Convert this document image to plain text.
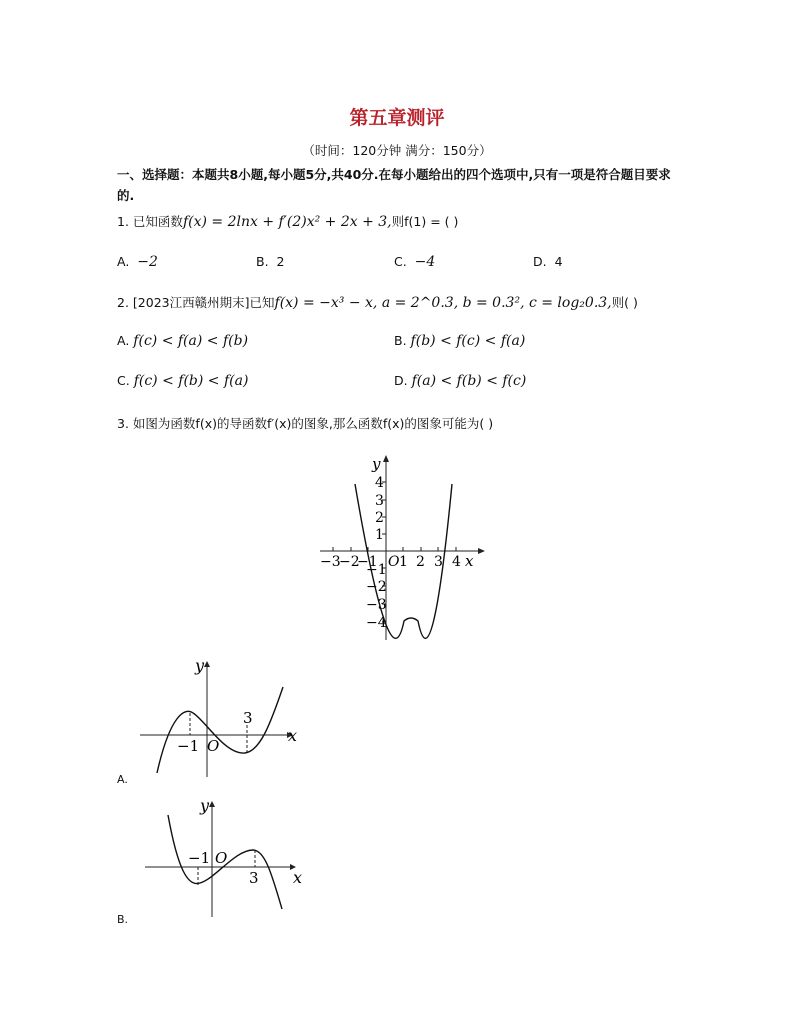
第五章测评
（时间：120分钟 满分：150分）
一、选择题：本题共8小题,每小题5分,共40分.在每小题给出的四个选项中,只有一项是符合题目要求的.
1. 已知函数f(x) = 2lnx + f′(2)x² + 2x + 3,则f(1) = ( )
A. −2	B. 2	C. −4	D. 4
2. [2023江西赣州期末]已知f(x) = −x³ − x, a = 2^0.3, b = 0.3², c = log₂0.3,则( )
A. f(c) < f(a) < f(b)	B. f(b) < f(c) < f(a)
C. f(c) < f(b) < f(a)	D. f(a) < f(b) < f(c)
3. 如图为函数f(x)的导函数f′(x)的图象,那么函数f(x)的图象可能为( )
4
3
2
1
−1
−2
−3
−4
−3
−2
−1 O 1 2 3 4 x
y
−1 O
3
x
y
A.
−1 O
3 x
y
B.
